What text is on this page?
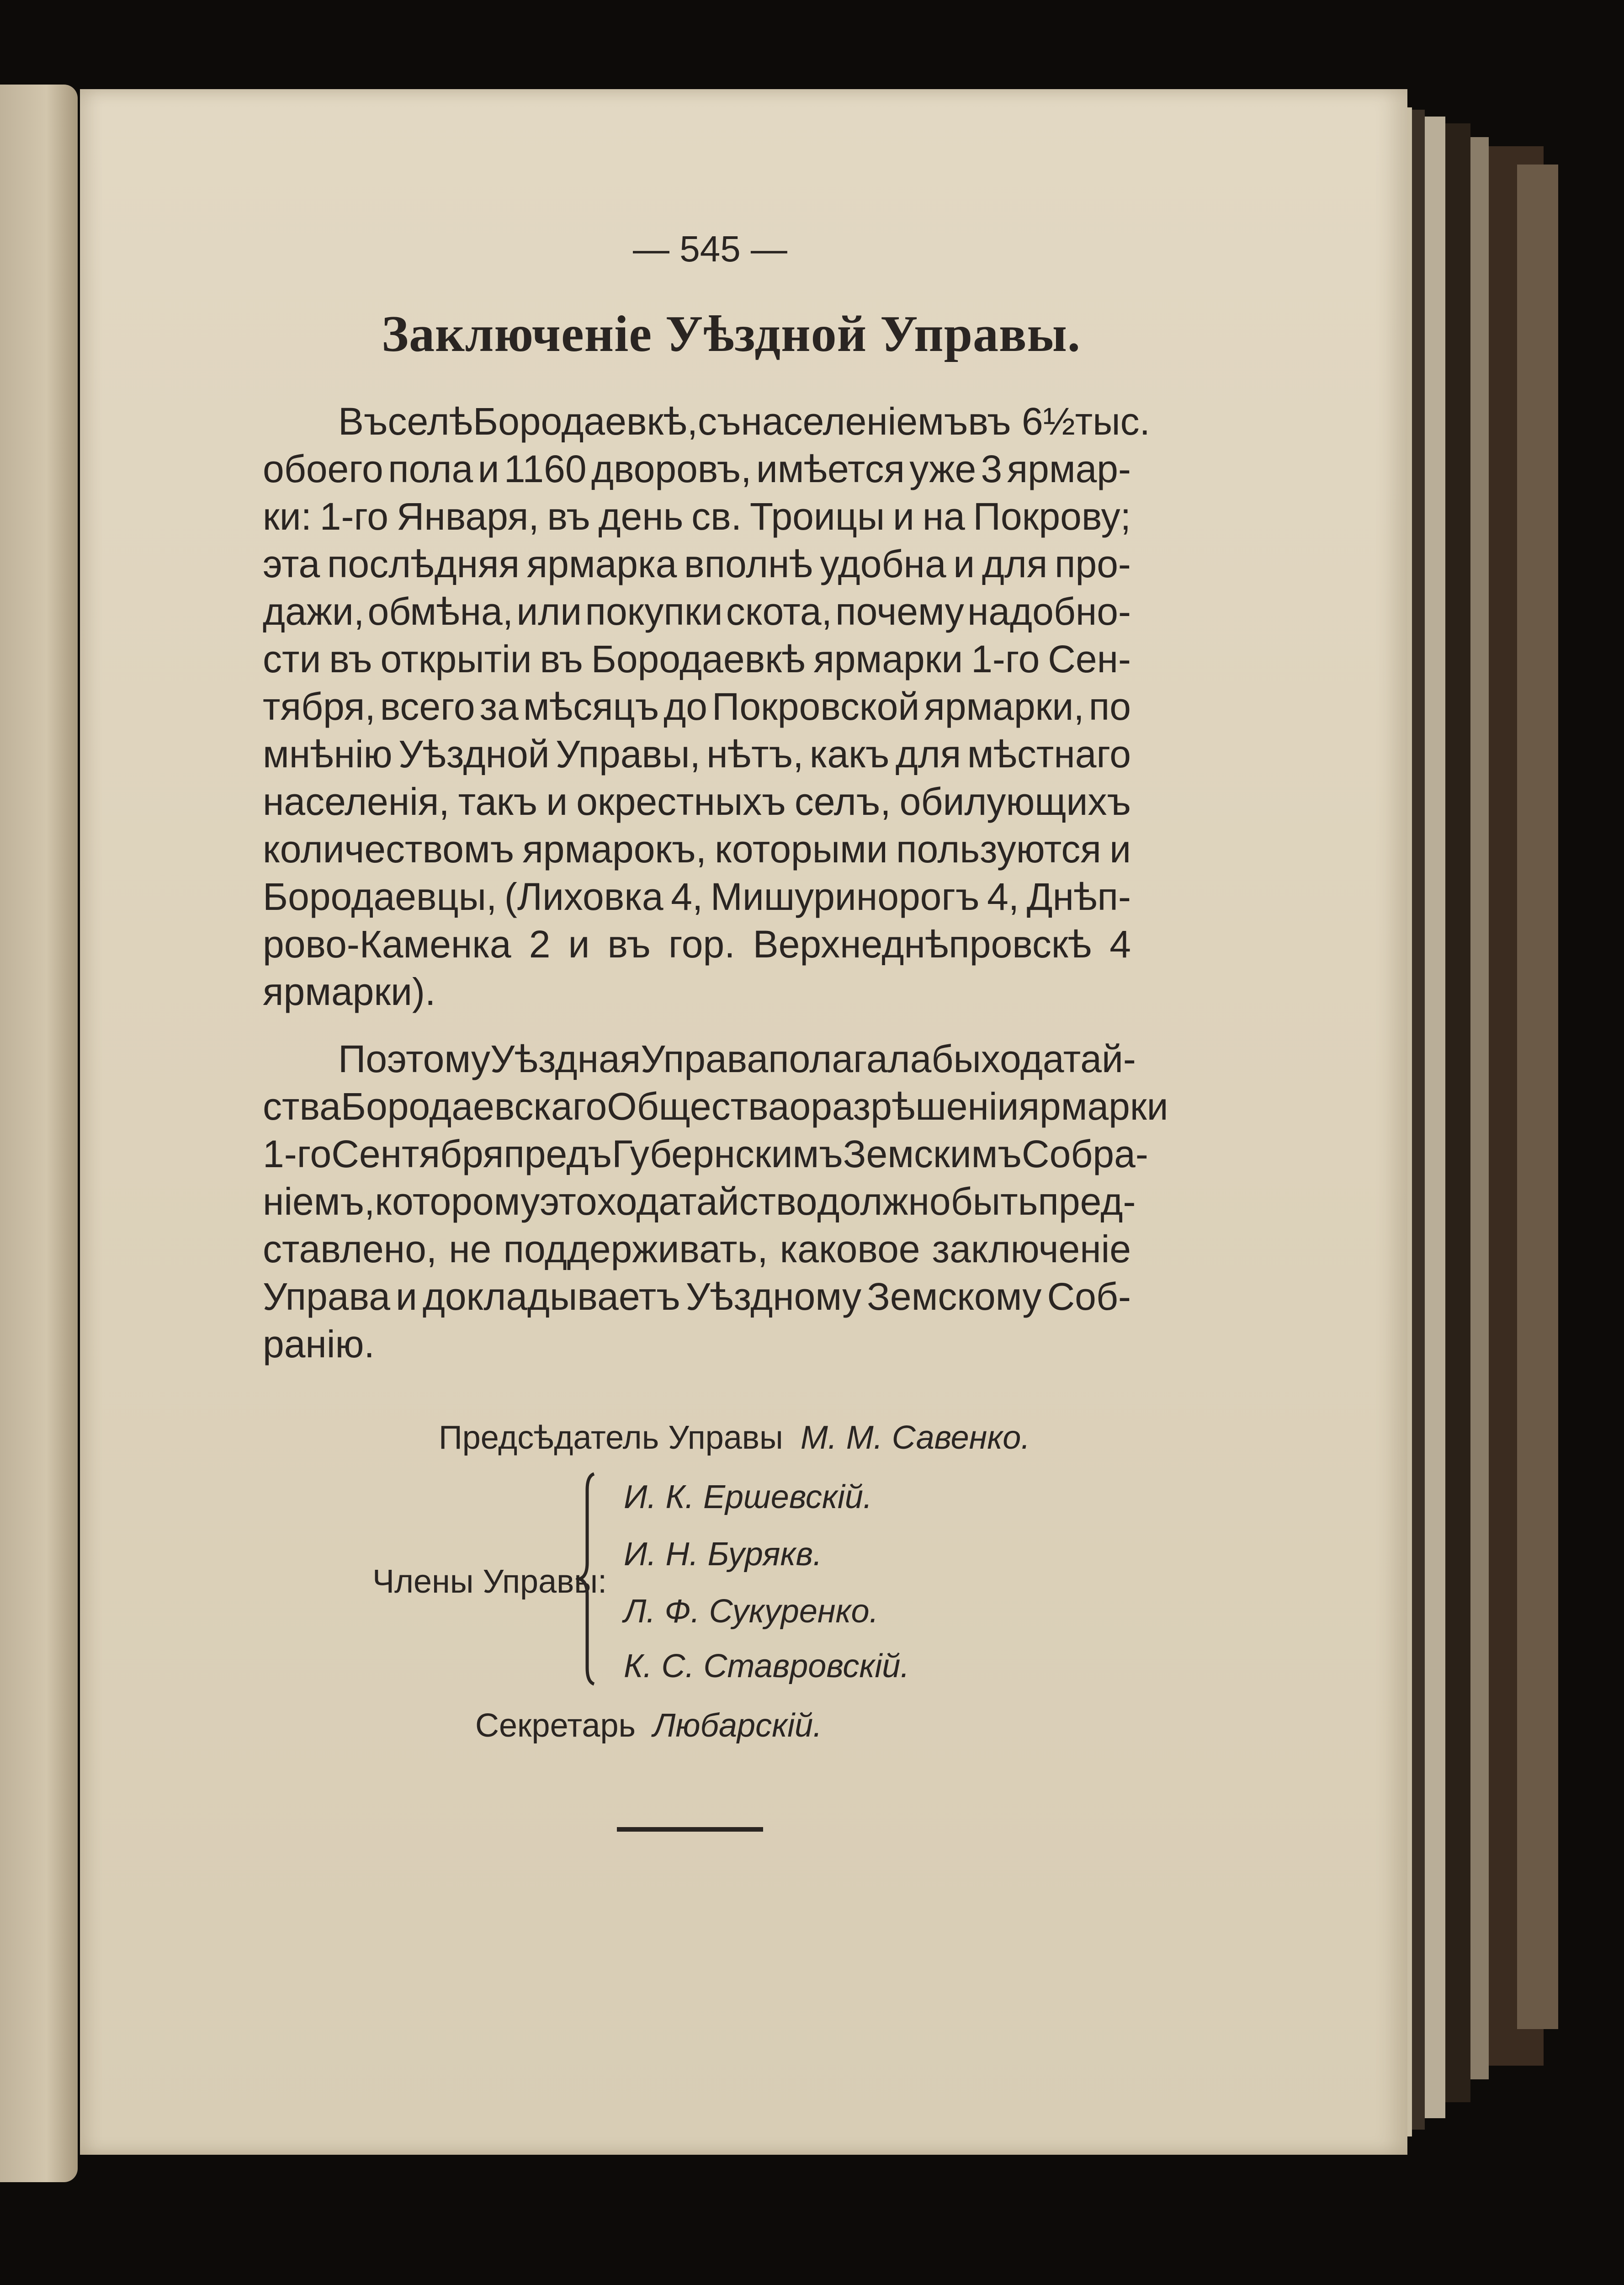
— 545 —
Заключеніе Уѣздной Управы.
Въ селѣ Бородаевкѣ, съ населеніемъ въ 6½ тыс.
обоего пола и 1160 дворовъ, имѣется уже 3 ярмар-
ки: 1-го Января, въ день св. Троицы и на Покрову;
эта послѣдняя ярмарка вполнѣ удобна и для про-
дажи, обмѣна, или покупки скота, почему надобно-
сти въ открытіи въ Бородаевкѣ ярмарки 1-го Сен-
тября, всего за мѣсяцъ до Покровской ярмарки, по
мнѣнію Уѣздной Управы, нѣтъ, какъ для мѣстнаго
населенія, такъ и окрестныхъ селъ, обилующихъ
количествомъ ярмарокъ, которыми пользуются и
Бородаевцы, (Лиховка 4, Мишуринорогъ 4, Днѣп-
рово-Каменка 2 и въ гор. Верхнеднѣпровскѣ 4
ярмарки).
Поэтому Уѣздная Управа полагала бы ходатай-
ства Бородаевскаго Общества о разрѣшеніи ярмарки
1-го Сентября предъ Губернскимъ Земскимъ Собра-
ніемъ, которому это ходатайство должно быть пред-
ставлено, не поддерживать, каковое заключеніе
Управа и докладываетъ Уѣздному Земскому Соб-
ранію.
Предсѣдатель Управы М. М. Савенко.
Члены Управы:
И. К. Ершевскій.
И. Н. Бурякв.
Л. Ф. Сукуренко.
К. С. Ставровскій.
Секретарь Любарскій.
